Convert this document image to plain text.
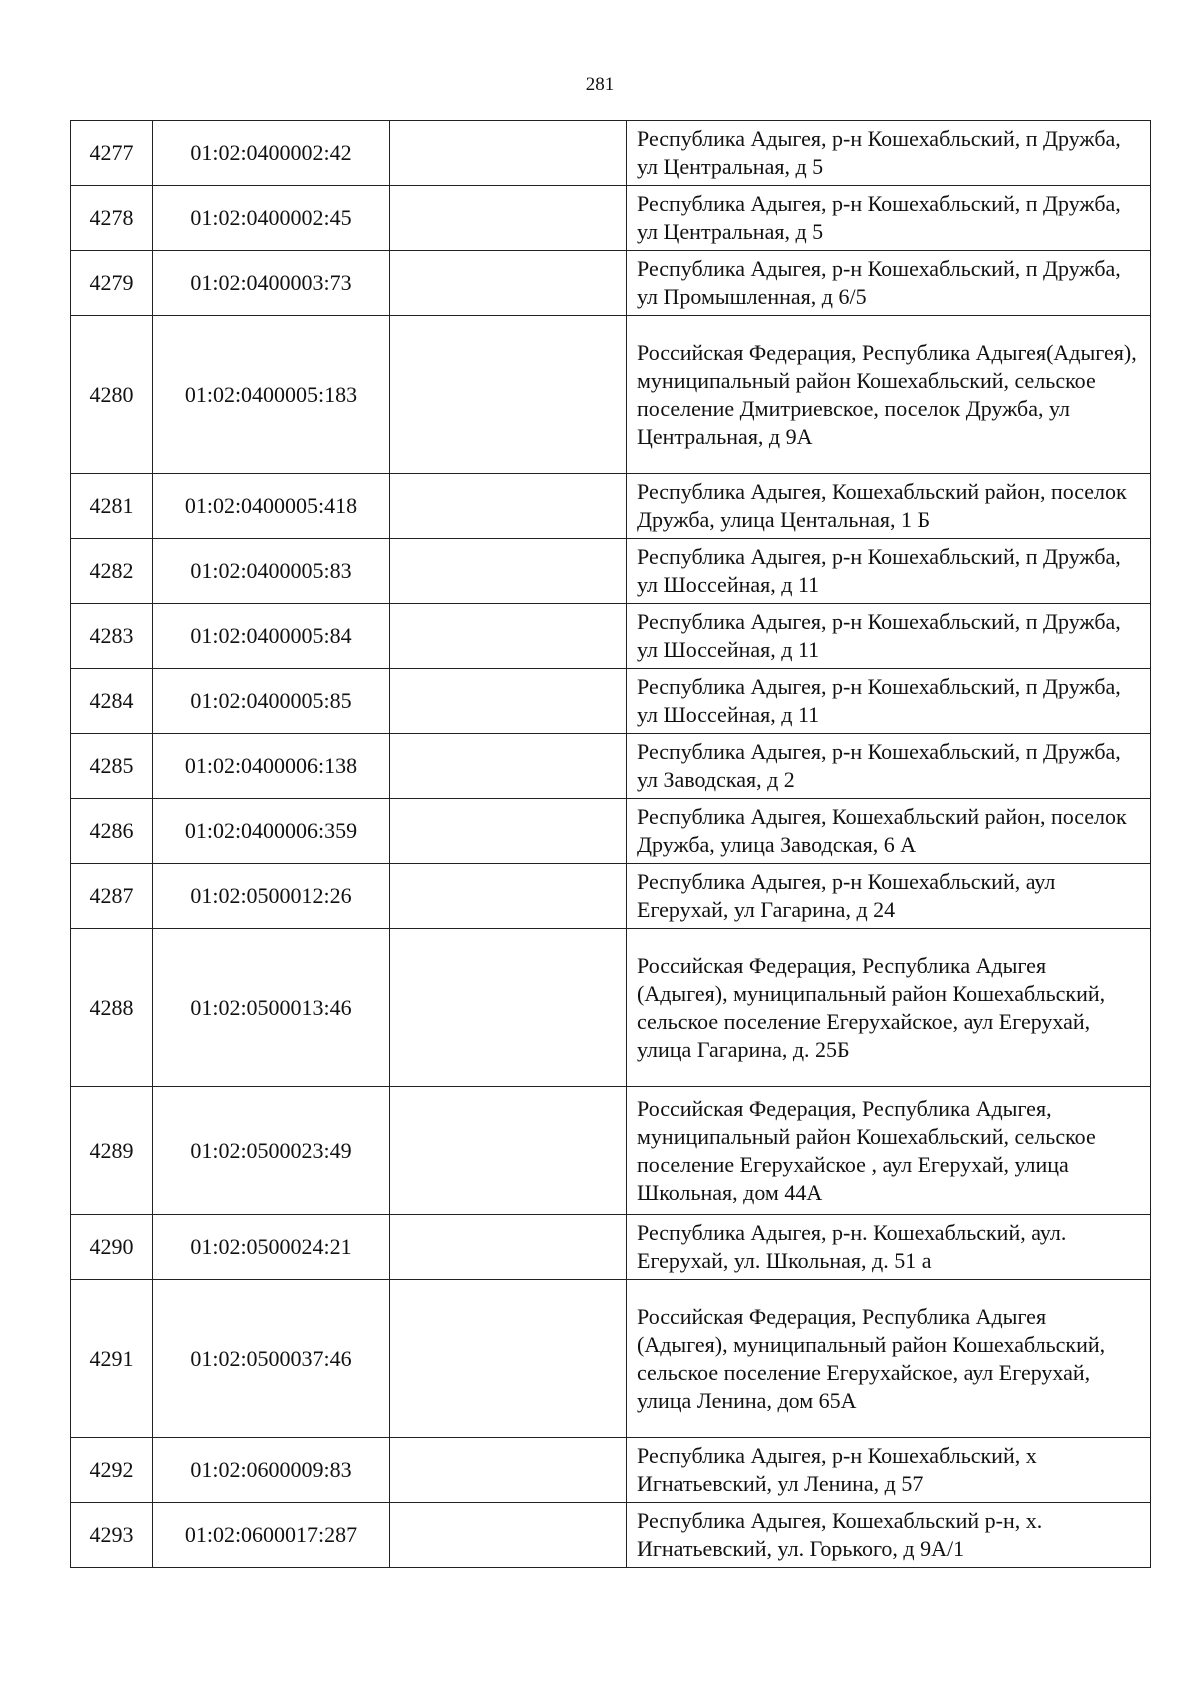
281
4277	01:02:0400002:42		Республика Адыгея, р-н Кошехабльский, п Дружба, ул Центральная, д 5
4278	01:02:0400002:45		Республика Адыгея, р-н Кошехабльский, п Дружба, ул Центральная, д 5
4279	01:02:0400003:73		Республика Адыгея, р-н Кошехабльский, п Дружба, ул Промышленная, д 6/5
4280	01:02:0400005:183		Российская Федерация, Республика Адыгея(Адыгея), муниципальный район Кошехабльский, сельское поселение Дмитриевское, поселок Дружба, ул Центральная, д 9А
4281	01:02:0400005:418		Республика Адыгея, Кошехабльский район, поселок Дружба, улица Центальная, 1 Б
4282	01:02:0400005:83		Республика Адыгея, р-н Кошехабльский, п Дружба, ул Шоссейная, д 11
4283	01:02:0400005:84		Республика Адыгея, р-н Кошехабльский, п Дружба, ул Шоссейная, д 11
4284	01:02:0400005:85		Республика Адыгея, р-н Кошехабльский, п Дружба, ул Шоссейная, д 11
4285	01:02:0400006:138		Республика Адыгея, р-н Кошехабльский, п Дружба, ул Заводская, д 2
4286	01:02:0400006:359		Республика Адыгея, Кошехабльский район, поселок Дружба, улица Заводская, 6 А
4287	01:02:0500012:26		Республика Адыгея, р-н Кошехабльский, аул Егерухай, ул Гагарина, д 24
4288	01:02:0500013:46		Российская Федерация, Республика Адыгея (Адыгея), муниципальный район Кошехабльский, сельское поселение Егерухайское, аул Егерухай, улица Гагарина, д. 25Б
4289	01:02:0500023:49		Российская Федерация, Республика Адыгея, муниципальный район Кошехабльский, сельское поселение Егерухайское , аул Егерухай, улица Школьная, дом 44А
4290	01:02:0500024:21		Республика Адыгея, р-н. Кошехабльский, аул. Егерухай, ул. Школьная, д. 51 а
4291	01:02:0500037:46		Российская Федерация, Республика Адыгея (Адыгея), муниципальный район Кошехабльский, сельское поселение Егерухайское, аул Егерухай, улица Ленина, дом 65А
4292	01:02:0600009:83		Республика Адыгея, р-н Кошехабльский, х Игнатьевский, ул Ленина, д 57
4293	01:02:0600017:287		Республика Адыгея, Кошехабльский р-н, х. Игнатьевский, ул. Горького, д 9А/1
